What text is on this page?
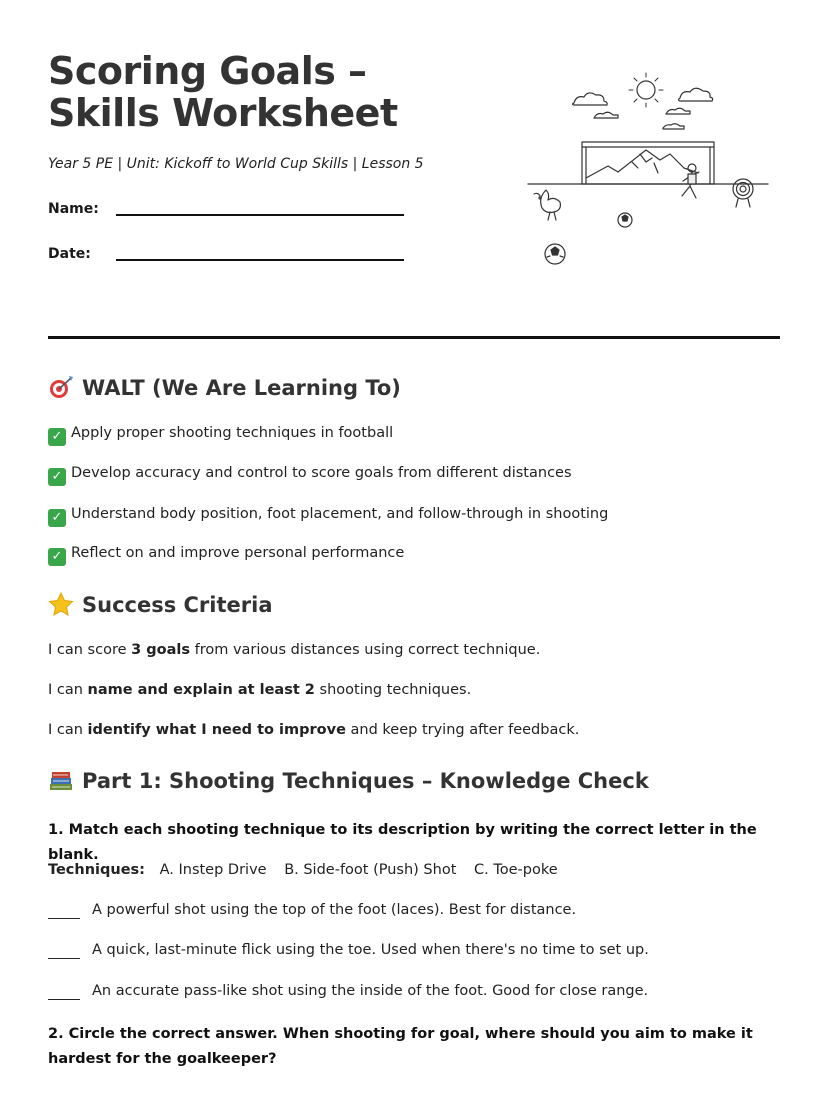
Scoring Goals – Skills Worksheet
Year 5 PE | Unit: Kickoff to World Cup Skills | Lesson 5
Name:
Date:
WALT (We Are Learning To)
✓ Apply proper shooting techniques in football
✓ Develop accuracy and control to score goals from different distances
✓ Understand body position, foot placement, and follow-through in shooting
✓ Reflect on and improve personal performance
Success Criteria
I can score 3 goals from various distances using correct technique.
I can name and explain at least 2 shooting techniques.
I can identify what I need to improve and keep trying after feedback.
Part 1: Shooting Techniques – Knowledge Check
1. Match each shooting technique to its description by writing the correct letter in the blank.
Techniques: A. Instep Drive B. Side-foot (Push) Shot C. Toe-poke
A powerful shot using the top of the foot (laces). Best for distance.
A quick, last-minute flick using the toe. Used when there's no time to set up.
An accurate pass-like shot using the inside of the foot. Good for close range.
2. Circle the correct answer. When shooting for goal, where should you aim to make it hardest for the goalkeeper?
